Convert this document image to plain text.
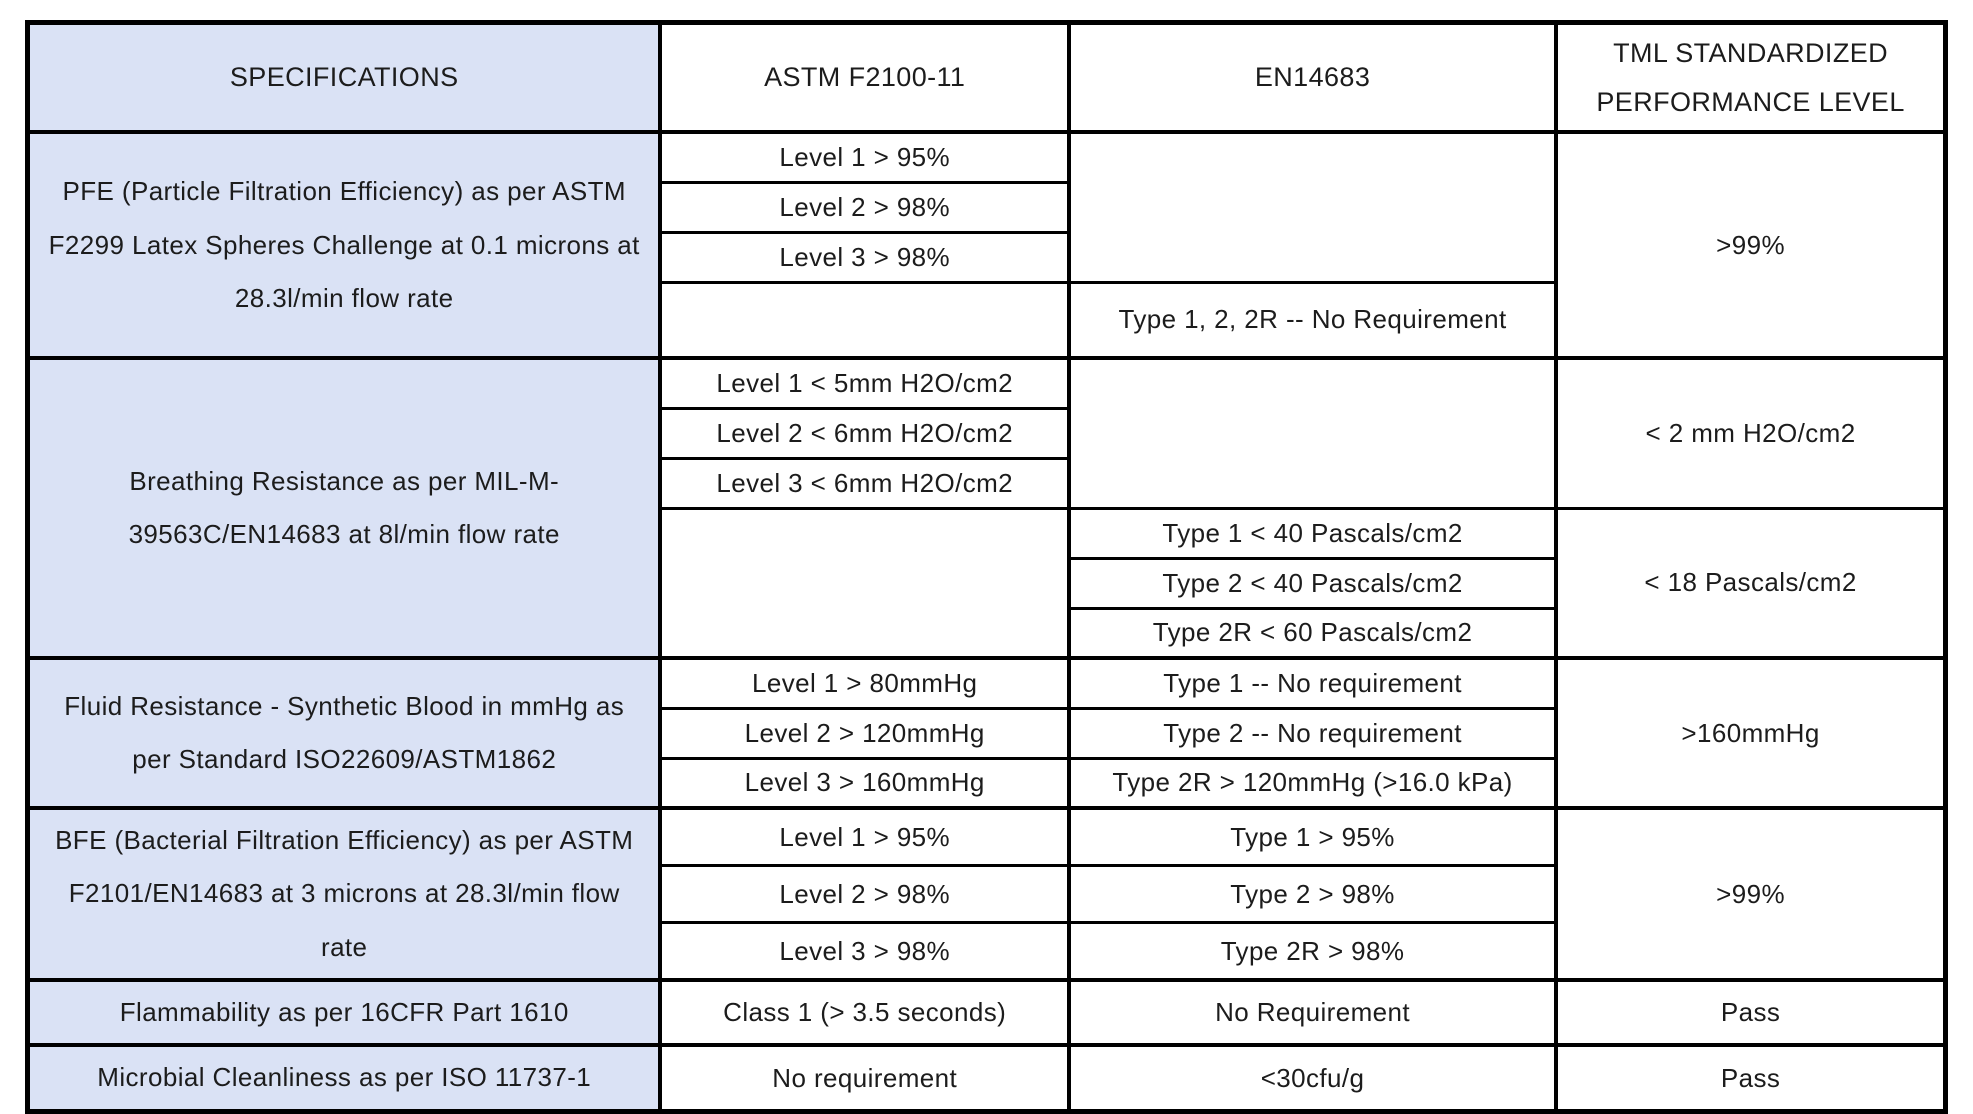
SPECIFICATIONS	ASTM F2100-11	EN14683	TML STANDARDIZED PERFORMANCE LEVEL
PFE (Particle Filtration Efficiency) as per ASTM F2299 Latex Spheres Challenge at 0.1 microns at 28.3l/min flow rate	Level 1 > 95%		>99%
	Level 2 > 98%		
	Level 3 > 98%		
		Type 1, 2, 2R -- No Requirement	
Breathing Resistance as per MIL-M-39563C/EN14683 at 8l/min flow rate	Level 1 < 5mm H2O/cm2		< 2 mm H2O/cm2
	Level 2 < 6mm H2O/cm2		
	Level 3 < 6mm H2O/cm2		
		Type 1 < 40 Pascals/cm2	< 18 Pascals/cm2
		Type 2 < 40 Pascals/cm2	
		Type 2R < 60 Pascals/cm2	
Fluid Resistance - Synthetic Blood in mmHg as per Standard ISO22609/ASTM1862	Level 1 > 80mmHg	Type 1 -- No requirement	>160mmHg
	Level 2 > 120mmHg	Type 2 -- No requirement	
	Level 3 > 160mmHg	Type 2R > 120mmHg (>16.0 kPa)	
BFE (Bacterial Filtration Efficiency) as per ASTM F2101/EN14683 at 3 microns at 28.3l/min flow rate	Level 1 > 95%	Type 1 > 95%	>99%
	Level 2 > 98%	Type 2 > 98%	
	Level 3 > 98%	Type 2R > 98%	
Flammability as per 16CFR Part 1610	Class 1 (> 3.5 seconds)	No Requirement	Pass
Microbial Cleanliness as per ISO 11737-1	No requirement	<30cfu/g	Pass
